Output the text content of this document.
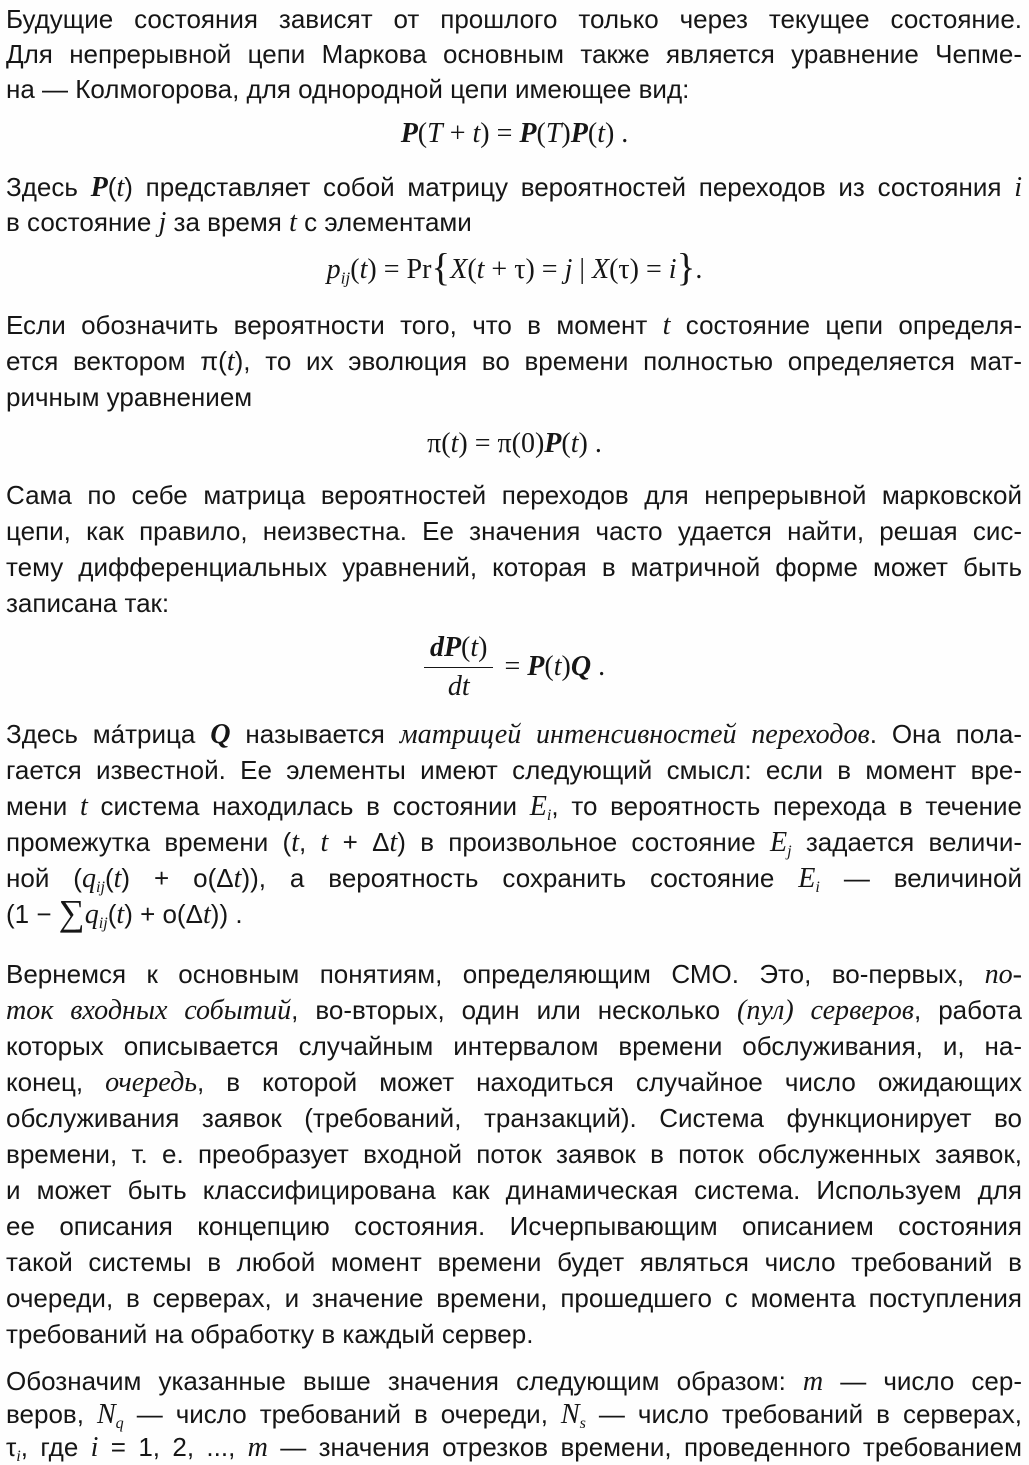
Будущие состояния зависят от прошлого только через текущее состояние.
Для непрерывной цепи Маркова основным также является уравнение Чепме-
на — Колмогорова, для однородной цепи имеющее вид:
P(T + t) = P(T)P(t) .
Здесь P(t) представляет собой матрицу вероятностей переходов из состояния i
в состояние j за время t с элементами
$p_{ij}(t) = Pr\{X(t + \tau) = j$ | X(τ) = i}.
Если обозначить вероятности того, что в момент t состояние цепи определя-
ется вектором π(t), то их эволюция во времени полностью определяется мат-
ричным уравнением
π(t) = π(0)P(t) .
Сама по себе матрица вероятностей переходов для непрерывной марковской
цепи, как правило, неизвестна. Ее значения часто удается найти, решая сис-
тему дифференциальных уравнений, которая в матричной форме может быть
записана так:
$\frac{dP(t)}{dt} = P(t)Q$ .
Здесь ма́трица Q называется матрицей интенсивностей переходов. Она пола-
гается известной. Ее элементы имеют следующий смысл: если в момент вре-
мени t система находилась в состоянии $E_i$, то вероятность перехода в течение
промежутка времени (t, t + Δt) в произвольное состояние $E_j$ задается величи-
ной $(q_{ij}(t) + o(\Delta t))$, а вероятность сохранить состояние $E_i$ — величиной
$(1 - \sum q_{ij}(t) + o(\Delta t))$ .
Вернемся к основным понятиям, определяющим СМО. Это, во-первых, по-
ток входных событий, во-вторых, один или несколько (пул) серверов, работа
которых описывается случайным интервалом времени обслуживания, и, на-
конец, очередь, в которой может находиться случайное число ожидающих
обслуживания заявок (требований, транзакций). Система функционирует во
времени, т. е. преобразует входной поток заявок в поток обслуженных заявок,
и может быть классифицирована как динамическая система. Используем для
ее описания концепцию состояния. Исчерпывающим описанием состояния
такой системы в любой момент времени будет являться число требований в
очереди, в серверах, и значение времени, прошедшего с момента поступления
требований на обработку в каждый сервер.
Обозначим указанные выше значения следующим образом: m — число сер-
веров, $N_q$ — число требований в очереди, $N_s$ — число требований в серверах,
$\tau_i$, где i = 1, 2, ..., m — значения отрезков времени, проведенного требованием
